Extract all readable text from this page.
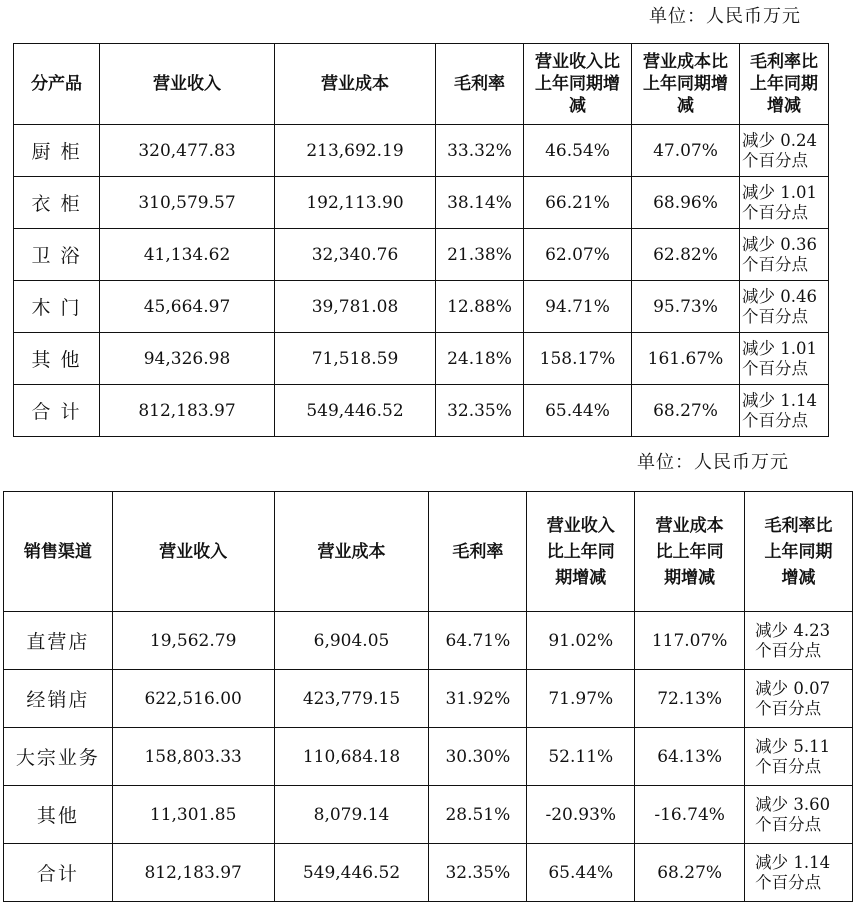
单位：人民币万元
分产品	营业收入	营业成本	毛利率	营业收入比
上年同期增
减	营业成本比
上年同期增
减	毛利率比
上年同期
增减

厨 柜	320,477.83	213,692.19	33.32%	46.54%	47.07%	减少 0.24
个百分点

衣 柜	310,579.57	192,113.90	38.14%	66.21%	68.96%	减少 1.01
个百分点

卫 浴	41,134.62	32,340.76	21.38%	62.07%	62.82%	减少 0.36
个百分点

木 门	45,664.97	39,781.08	12.88%	94.71%	95.73%	减少 0.46
个百分点

其 他	94,326.98	71,518.59	24.18%	158.17%	161.67%	减少 1.01
个百分点

合 计	812,183.97	549,446.52	32.35%	65.44%	68.27%	减少 1.14
个百分点
单位：人民币万元
销售渠道	营业收入	营业成本	毛利率	营业收入
比上年同
期增减	营业成本
比上年同
期增减	毛利率比
上年同期
增减

直营店	19,562.79	6,904.05	64.71%	91.02%	117.07%	减少 4.23
个百分点

经销店	622,516.00	423,779.15	31.92%	71.97%	72.13%	减少 0.07
个百分点

大宗业务	158,803.33	110,684.18	30.30%	52.11%	64.13%	减少 5.11
个百分点

其他	11,301.85	8,079.14	28.51%	-20.93%	-16.74%	减少 3.60
个百分点

合计	812,183.97	549,446.52	32.35%	65.44%	68.27%	减少 1.14
个百分点
